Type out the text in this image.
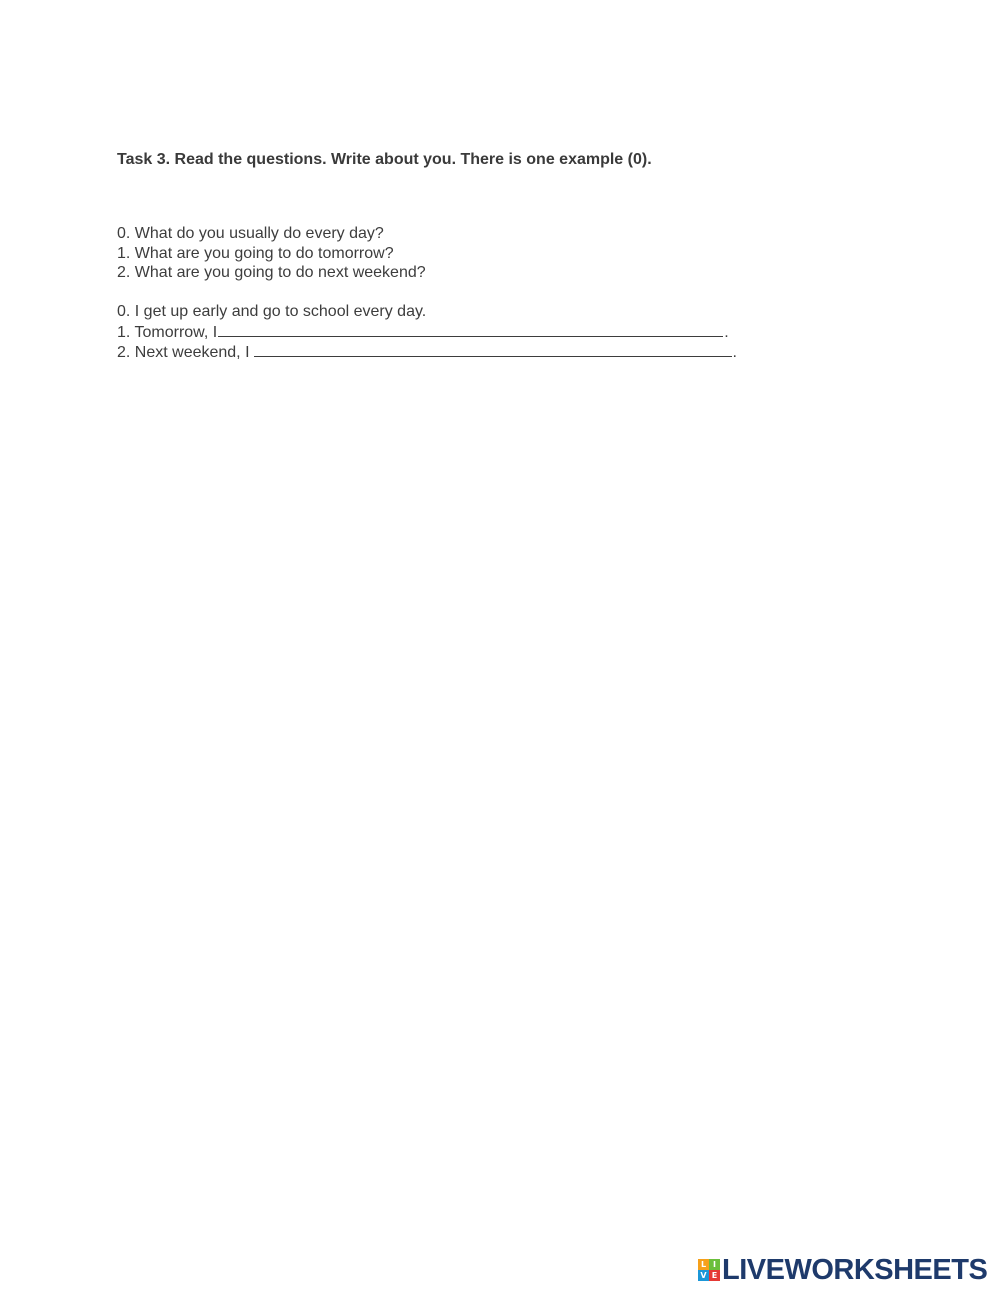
Task 3. Read the questions. Write about you. There is one example (0).
0. What do you usually do every day?
1. What are you going to do tomorrow?
2. What are you going to do next weekend?
0. I get up early and go to school every day.
1. Tomorrow, I	.
2. Next weekend, I	.
L I
V E LIVEWORKSHEETS
